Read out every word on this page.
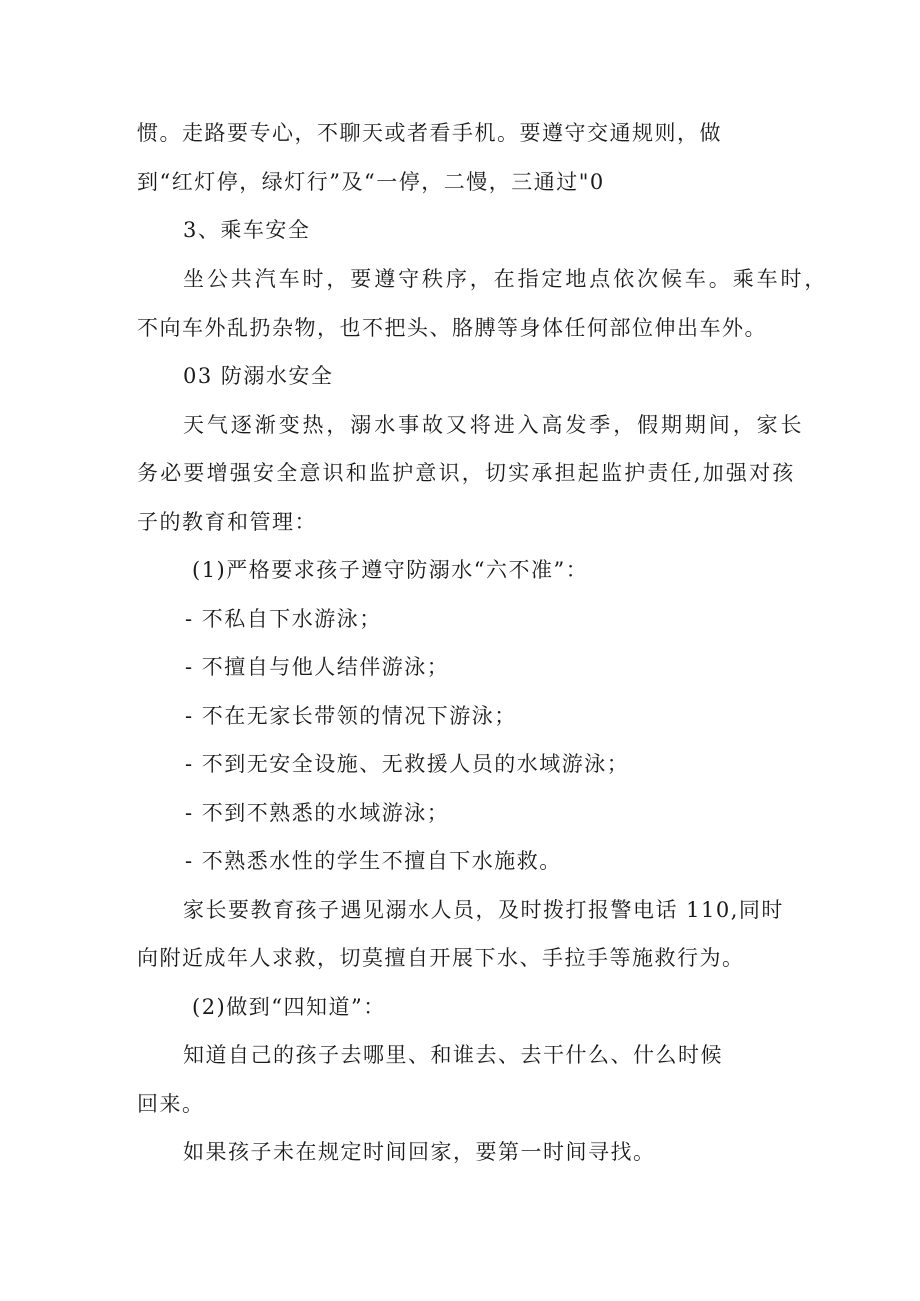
惯。走路要专心，不聊天或者看手机。要遵守交通规则，做
到“红灯停，绿灯行”及“一停，二慢，三通过"0
3、乘车安全
坐公共汽车时，要遵守秩序，在指定地点依次候车。乘车时，
不向车外乱扔杂物，也不把头、胳膊等身体任何部位伸出车外。
03 防溺水安全
天气逐渐变热，溺水事故又将进入高发季，假期期间，家长
务必要增强安全意识和监护意识，切实承担起监护责任,加强对孩
子的教育和管理：
(1)严格要求孩子遵守防溺水“六不准”：
- 不私自下水游泳；
- 不擅自与他人结伴游泳；
- 不在无家长带领的情况下游泳；
- 不到无安全设施、无救援人员的水域游泳；
- 不到不熟悉的水域游泳；
- 不熟悉水性的学生不擅自下水施救。
家长要教育孩子遇见溺水人员，及时拨打报警电话 110,同时
向附近成年人求救，切莫擅自开展下水、手拉手等施救行为。
(2)做到“四知道”：
知道自己的孩子去哪里、和谁去、去干什么、什么时候
回来。
如果孩子未在规定时间回家，要第一时间寻找。
